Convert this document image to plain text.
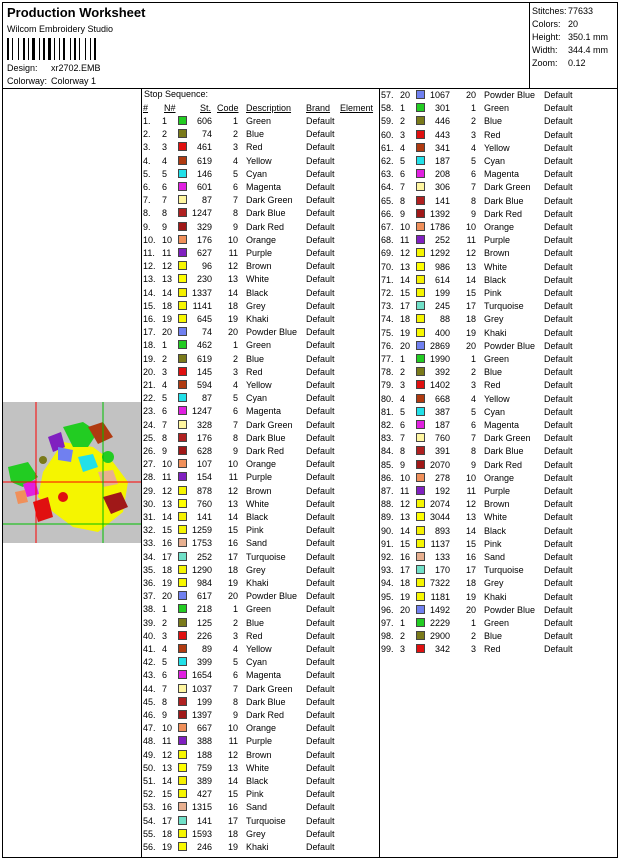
Production Worksheet
Wilcom Embroidery Studio
Design: xr2702.EMB
Colorway: Colorway 1
Stitches:77633
Colors: 20
Height: 350.1 mm
Width: 344.4 mm
Zoom: 0.12
Stop Sequence:
# N#	St. Code Description Brand Element
1. 1	606	1 Green	Default
2. 2	74	2 Blue	Default
3. 3	461	3 Red	Default
4. 4	619	4 Yellow	Default
5. 5	146	5 Cyan	Default
6. 6	601	6 Magenta	Default
7. 7	87	7 Dark Green Default
8. 8	1247	8 Dark Blue Default
9. 9	329	9 Dark Red Default
10. 10	176	10 Orange	Default
11. 11	627	11 Purple	Default
12. 12	96	12 Brown	Default
13. 13	230	13 White	Default
14. 14	1337	14 Black	Default
15. 18	1141	18 Grey	Default
16. 19	645	19 Khaki	Default
17. 20	74	20 Powder Blue Default
18. 1	462	1 Green	Default
19. 2	619	2 Blue	Default
20. 3	145	3 Red	Default
21. 4	594	4 Yellow	Default
22. 5	87	5 Cyan	Default
23. 6	1247	6 Magenta	Default
24. 7	328	7 Dark Green Default
25. 8	176	8 Dark Blue Default
26. 9	628	9 Dark Red Default
27. 10	107	10 Orange	Default
28. 11	154	11 Purple	Default
29. 12	878	12 Brown	Default
30. 13	760	13 White	Default
31. 14	141	14 Black	Default
32. 15	1259	15 Pink	Default
33. 16	1753	16 Sand	Default
34. 17	252	17 Turquoise Default
35. 18	1290	18 Grey	Default
36. 19	984	19 Khaki	Default
37. 20	617	20 Powder Blue Default
38. 1	218	1 Green	Default
39. 2	125	2 Blue	Default
40. 3	226	3 Red	Default
41. 4	89	4 Yellow	Default
42. 5	399	5 Cyan	Default
43. 6	1654	6 Magenta	Default
44. 7	1037	7 Dark Green Default
45. 8	199	8 Dark Blue Default
46. 9	1397	9 Dark Red Default
47. 10	667	10 Orange	Default
48. 11	388	11 Purple	Default
49. 12	188	12 Brown	Default
50. 13	759	13 White	Default
51. 14	389	14 Black	Default
52. 15	427	15 Pink	Default
53. 16	1315	16 Sand	Default
54. 17	141	17 Turquoise Default
55. 18	1593	18 Grey	Default
56. 19	246	19 Khaki	Default
57. 20	1067	20 Powder Blue Default
58. 1	301	1 Green	Default
59. 2	446	2 Blue	Default
60. 3	443	3 Red	Default
61. 4	341	4 Yellow	Default
62. 5	187	5 Cyan	Default
63. 6	208	6 Magenta	Default
64. 7	306	7 Dark Green Default
65. 8	141	8 Dark Blue Default
66. 9	1392	9 Dark Red Default
67. 10	1786	10 Orange	Default
68. 11	252	11 Purple	Default
69. 12	1292	12 Brown	Default
70. 13	986	13 White	Default
71. 14	614	14 Black	Default
72. 15	199	15 Pink	Default
73. 17	245	17 Turquoise Default
74. 18	88	18 Grey	Default
75. 19	400	19 Khaki	Default
76. 20	2869	20 Powder Blue Default
77. 1	1990	1 Green	Default
78. 2	392	2 Blue	Default
79. 3	1402	3 Red	Default
80. 4	668	4 Yellow	Default
81. 5	387	5 Cyan	Default
82. 6	187	6 Magenta	Default
83. 7	760	7 Dark Green Default
84. 8	391	8 Dark Blue Default
85. 9	2070	9 Dark Red Default
86. 10	278	10 Orange	Default
87. 11	192	11 Purple	Default
88. 12	2074	12 Brown	Default
89. 13	3044	13 White	Default
90. 14	893	14 Black	Default
91. 15	1137	15 Pink	Default
92. 16	133	16 Sand	Default
93. 17	170	17 Turquoise Default
94. 18	7322	18 Grey	Default
95. 19	1181	19 Khaki	Default
96. 20	1492	20 Powder Blue Default
97. 1	2229	1 Green	Default
98. 2	2900	2 Blue	Default
99. 3	342	3 Red	Default
